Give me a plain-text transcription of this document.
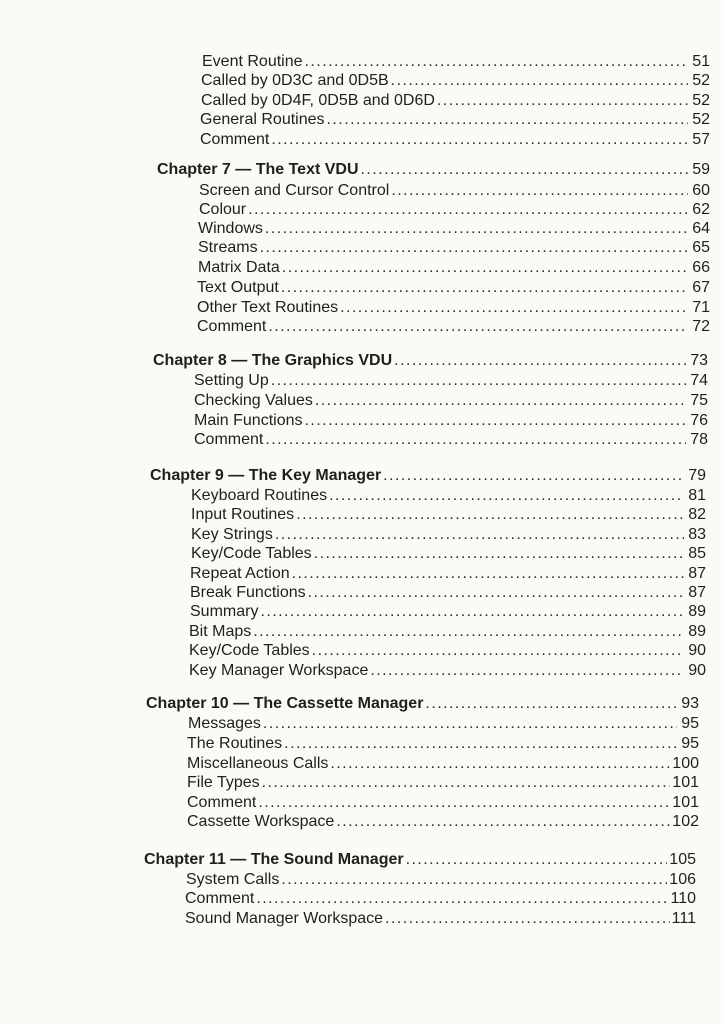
Event Routine . . .	51
Called by 0D3C and 0D5B . . .	52
Called by 0D4F, 0D5B and 0D6D . . .	52
General Routines . . .	52
Comment . . .	57
Chapter 7 — The Text VDU . . .	59
Screen and Cursor Control . . .	60
Colour . . .	62
Windows . . .	64
Streams . . .	65
Matrix Data . . .	66
Text Output . . .	67
Other Text Routines . . .	71
Comment . . .	72
Chapter 8 — The Graphics VDU . . .	73
Setting Up . . .	74
Checking Values . . .	75
Main Functions . . .	76
Comment . . .	78
Chapter 9 — The Key Manager . . .	79
Keyboard Routines . . .	81
Input Routines . . .	82
Key Strings . . .	83
Key/Code Tables . . .	85
Repeat Action . . .	87
Break Functions . . .	87
Summary . . .	89
Bit Maps . . .	89
Key/Code Tables . . .	90
Key Manager Workspace . . .	90
Chapter 10 — The Cassette Manager . . .	93
Messages . . .	95
The Routines . . .	95
Miscellaneous Calls . . .	100
File Types . . .	101
Comment . . .	101
Cassette Workspace . . .	102
Chapter 11 — The Sound Manager . . .	105
System Calls . . .	106
Comment . . .	110
Sound Manager Workspace . . .	111
